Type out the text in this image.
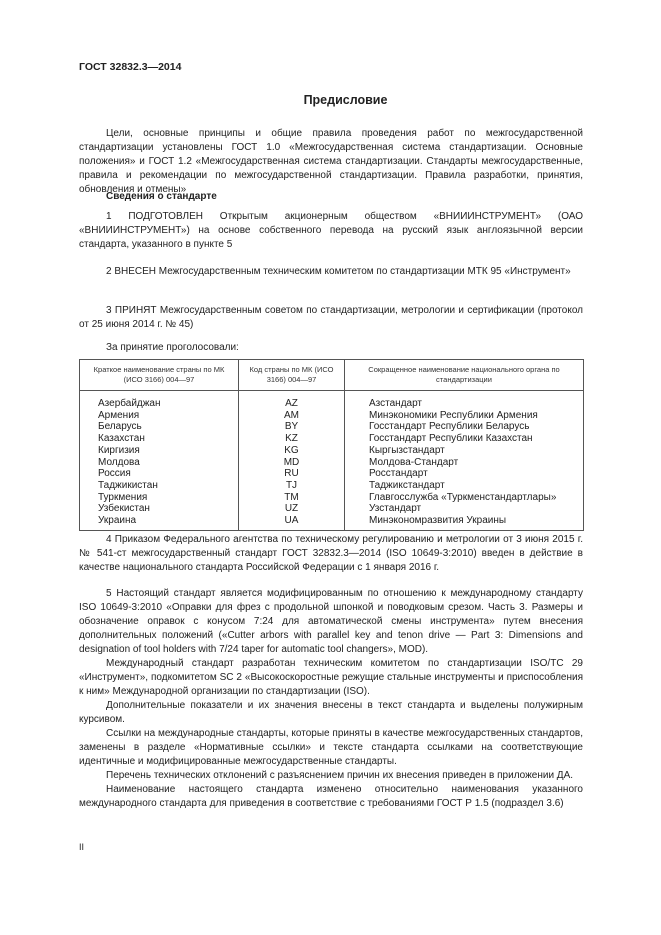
ГОСТ 32832.3—2014
Предисловие

Цели, основные принципы и общие правила проведения работ по межгосударственной стандартизации установлены ГОСТ 1.0 «Межгосударственная система стандартизации. Основные положения» и ГОСТ 1.2 «Межгосударственная система стандартизации. Стандарты межгосударственные, правила и рекомендации по межгосударственной стандартизации. Правила разработки, принятия, обновления и отмены»

Сведения о стандарте

1 ПОДГОТОВЛЕН Открытым акционерным обществом «ВНИИИНСТРУМЕНТ» (ОАО «ВНИИИНСТРУМЕНТ») на основе собственного перевода на русский язык англоязычной версии стандарта, указанного в пункте 5

2 ВНЕСЕН Межгосударственным техническим комитетом по стандартизации МТК 95 «Инструмент»

3 ПРИНЯТ Межгосударственным советом по стандартизации, метрологии и сертификации (протокол от 25 июня 2014 г. № 45)

За принятие проголосовали:
Краткое наименование страны по МК (ИСО 3166) 004—97	Код страны по МК (ИСО 3166) 004—97	Сокращенное наименование национального органа по стандартизации
Азербайджан	AZ	Азстандарт
Армения	AM	Минэкономики Республики Армения
Беларусь	BY	Госстандарт Республики Беларусь
Казахстан	KZ	Госстандарт Республики Казахстан
Киргизия	KG	Кыргызстандарт
Молдова	MD	Молдова-Стандарт
Россия	RU	Росстандарт
Таджикистан	TJ	Таджикстандарт
Туркмения	TM	Главгосслужба «Туркменстандартлары»
Узбекистан	UZ	Узстандарт
Украина	UA	Минэкономразвития Украины

4 Приказом Федерального агентства по техническому регулированию и метрологии от 3 июня 2015 г. № 541-ст межгосударственный стандарт ГОСТ 32832.3—2014 (ISO 10649-3:2010) введен в действие в качестве национального стандарта Российской Федерации с 1 января 2016 г.

5 Настоящий стандарт является модифицированным по отношению к международному стандарту ISO 10649-3:2010 «Оправки для фрез с продольной шпонкой и поводковым срезом. Часть 3. Размеры и обозначение оправок с конусом 7:24 для автоматической смены инструмента» путем внесения дополнительных положений («Cutter arbors with parallel key and tenon drive — Part 3: Dimensions and designation of tool holders with 7/24 taper for automatic tool changers», MOD).

Международный стандарт разработан техническим комитетом по стандартизации ISO/TC 29 «Инструмент», подкомитетом SC 2 «Высокоскоростные режущие стальные инструменты и приспособления к ним» Международной организации по стандартизации (ISO).

Дополнительные показатели и их значения внесены в текст стандарта и выделены полужирным курсивом.

Ссылки на международные стандарты, которые приняты в качестве межгосударственных стандартов, заменены в разделе «Нормативные ссылки» и тексте стандарта ссылками на соответствующие идентичные и модифицированные межгосударственные стандарты.

Перечень технических отклонений с разъяснением причин их внесения приведен в приложении ДА.

Наименование настоящего стандарта изменено относительно наименования указанного международного стандарта для приведения в соответствие с требованиями ГОСТ Р 1.5 (подраздел 3.6)

II
